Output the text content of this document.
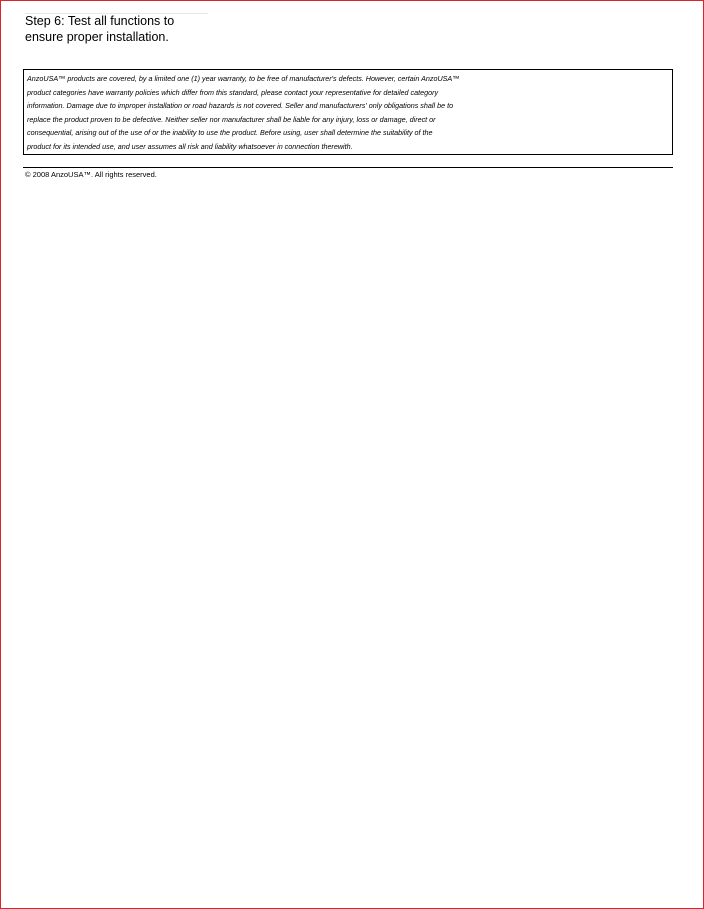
Step 6: Test all functions to
ensure proper installation.
AnzoUSA™ products are covered, by a limited one (1) year warranty, to be free of manufacturer's defects. However, certain AnzoUSA™
product categories have warranty policies which differ from this standard, please contact your representative for detailed category
information. Damage due to improper installation or road hazards is not covered. Seller and manufacturers' only obligations shall be to
replace the product proven to be defective. Neither seller nor manufacturer shall be liable for any injury, loss or damage, direct or
consequential, arising out of the use of or the inability to use the product. Before using, user shall determine the suitability of the
product for its intended use, and user assumes all risk and liability whatsoever in connection therewith.
© 2008 AnzoUSA™. All rights reserved.
